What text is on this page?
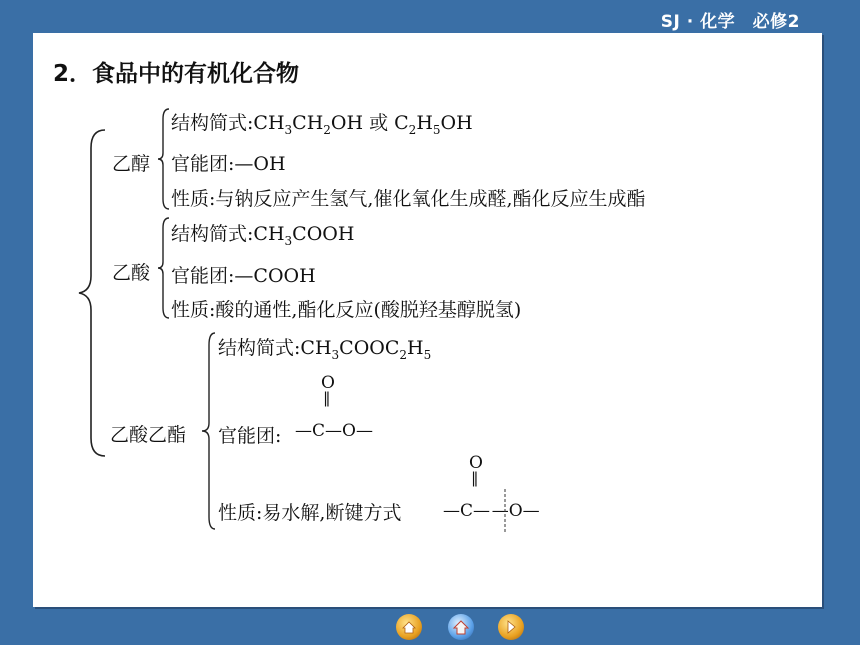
SJ · 化学　必修2
2．食品中的有机化合物
乙醇
结构简式$:CH_3CH_2OH$ 或 $C_2H_5OH$
官能团:—OH
性质:与钠反应产生氢气,催化氧化生成醛,酯化反应生成酯
乙酸
结构简式$:CH_3COOH$
官能团:—COOH
性质:酸的通性,酯化反应(酸脱羟基醇脱氢)
乙酸乙酯
结构简式$:CH_3COOC_2H_5$
官能团:
O
‖
—C—O—
性质:易水解,断键方式
O
‖
—C— —O—
